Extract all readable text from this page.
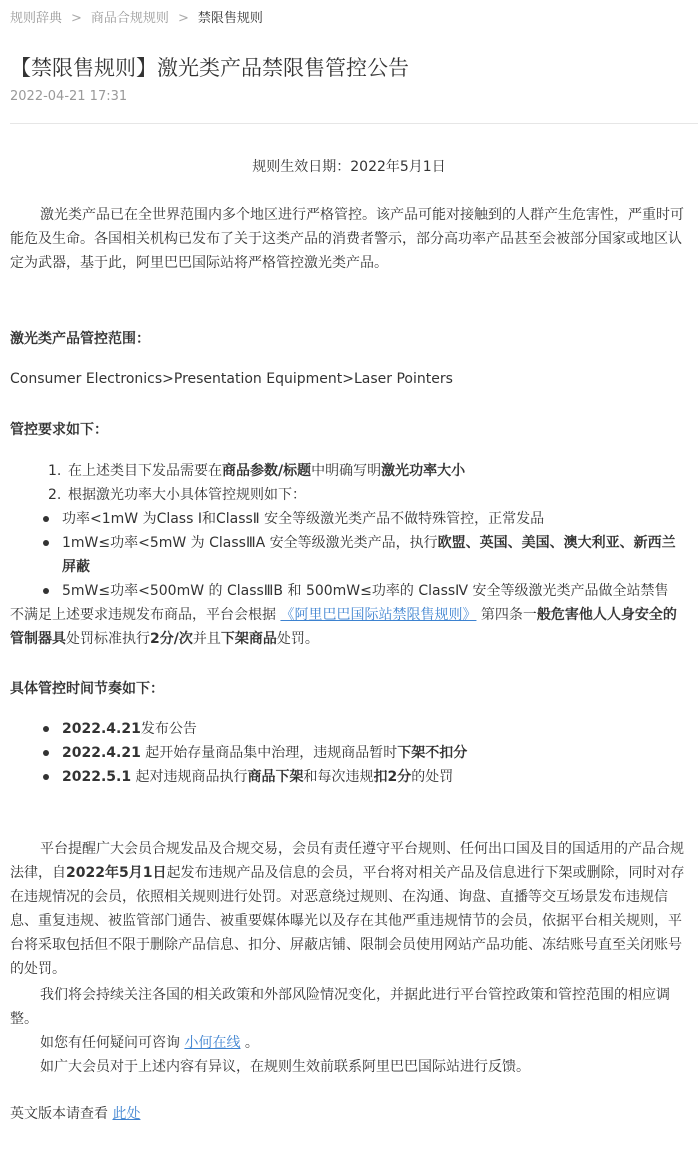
规则辞典 > 商品合规规则 > 禁限售规则
【禁限售规则】激光类产品禁限售管控公告
2022-04-21 17:31

规则生效日期：2022年5月1日

激光类产品已在全世界范围内多个地区进行严格管控。该产品可能对接触到的人群产生危害性，严重时可能危及生命。各国相关机构已发布了关于这类产品的消费者警示，部分高功率产品甚至会被部分国家或地区认定为武器，基于此，阿里巴巴国际站将严格管控激光类产品。

激光类产品管控范围：

Consumer Electronics>Presentation Equipment>Laser Pointers

管控要求如下：

1. 在上述类目下发品需要在商品参数/标题中明确写明激光功率大小

2. 根据激光功率大小具体管控规则如下：

功率<1mW 为Class Ⅰ和ClassⅡ 安全等级激光类产品不做特殊管控，正常发品

1mW≤功率<5mW 为 ClassⅢA 安全等级激光类产品，执行欧盟、英国、美国、澳大利亚、新西兰屏蔽

5mW≤功率<500mW 的 ClassⅢB 和 500mW≤功率的 ClassⅣ 安全等级激光类产品做全站禁售

不满足上述要求违规发布商品，平台会根据 《阿里巴巴国际站禁限售规则》 第四条一般危害他人人身安全的管制器具处罚标准执行2分/次并且下架商品处罚。

具体管控时间节奏如下：

2022.4.21发布公告

2022.4.21 起开始存量商品集中治理，违规商品暂时下架不扣分

2022.5.1 起对违规商品执行商品下架和每次违规扣2分的处罚

平台提醒广大会员合规发品及合规交易，会员有责任遵守平台规则、任何出口国及目的国适用的产品合规法律，自2022年5月1日起发布违规产品及信息的会员，平台将对相关产品及信息进行下架或删除，同时对存在违规情况的会员，依照相关规则进行处罚。对恶意绕过规则、在沟通、询盘、直播等交互场景发布违规信息、重复违规、被监管部门通告、被重要媒体曝光以及存在其他严重违规情节的会员，依据平台相关规则，平台将采取包括但不限于删除产品信息、扣分、屏蔽店铺、限制会员使用网站产品功能、冻结账号直至关闭账号的处罚。

我们将会持续关注各国的相关政策和外部风险情况变化，并据此进行平台管控政策和管控范围的相应调整。

如您有任何疑问可咨询 小何在线 。

如广大会员对于上述内容有异议，在规则生效前联系阿里巴巴国际站进行反馈。

英文版本请查看 此处
